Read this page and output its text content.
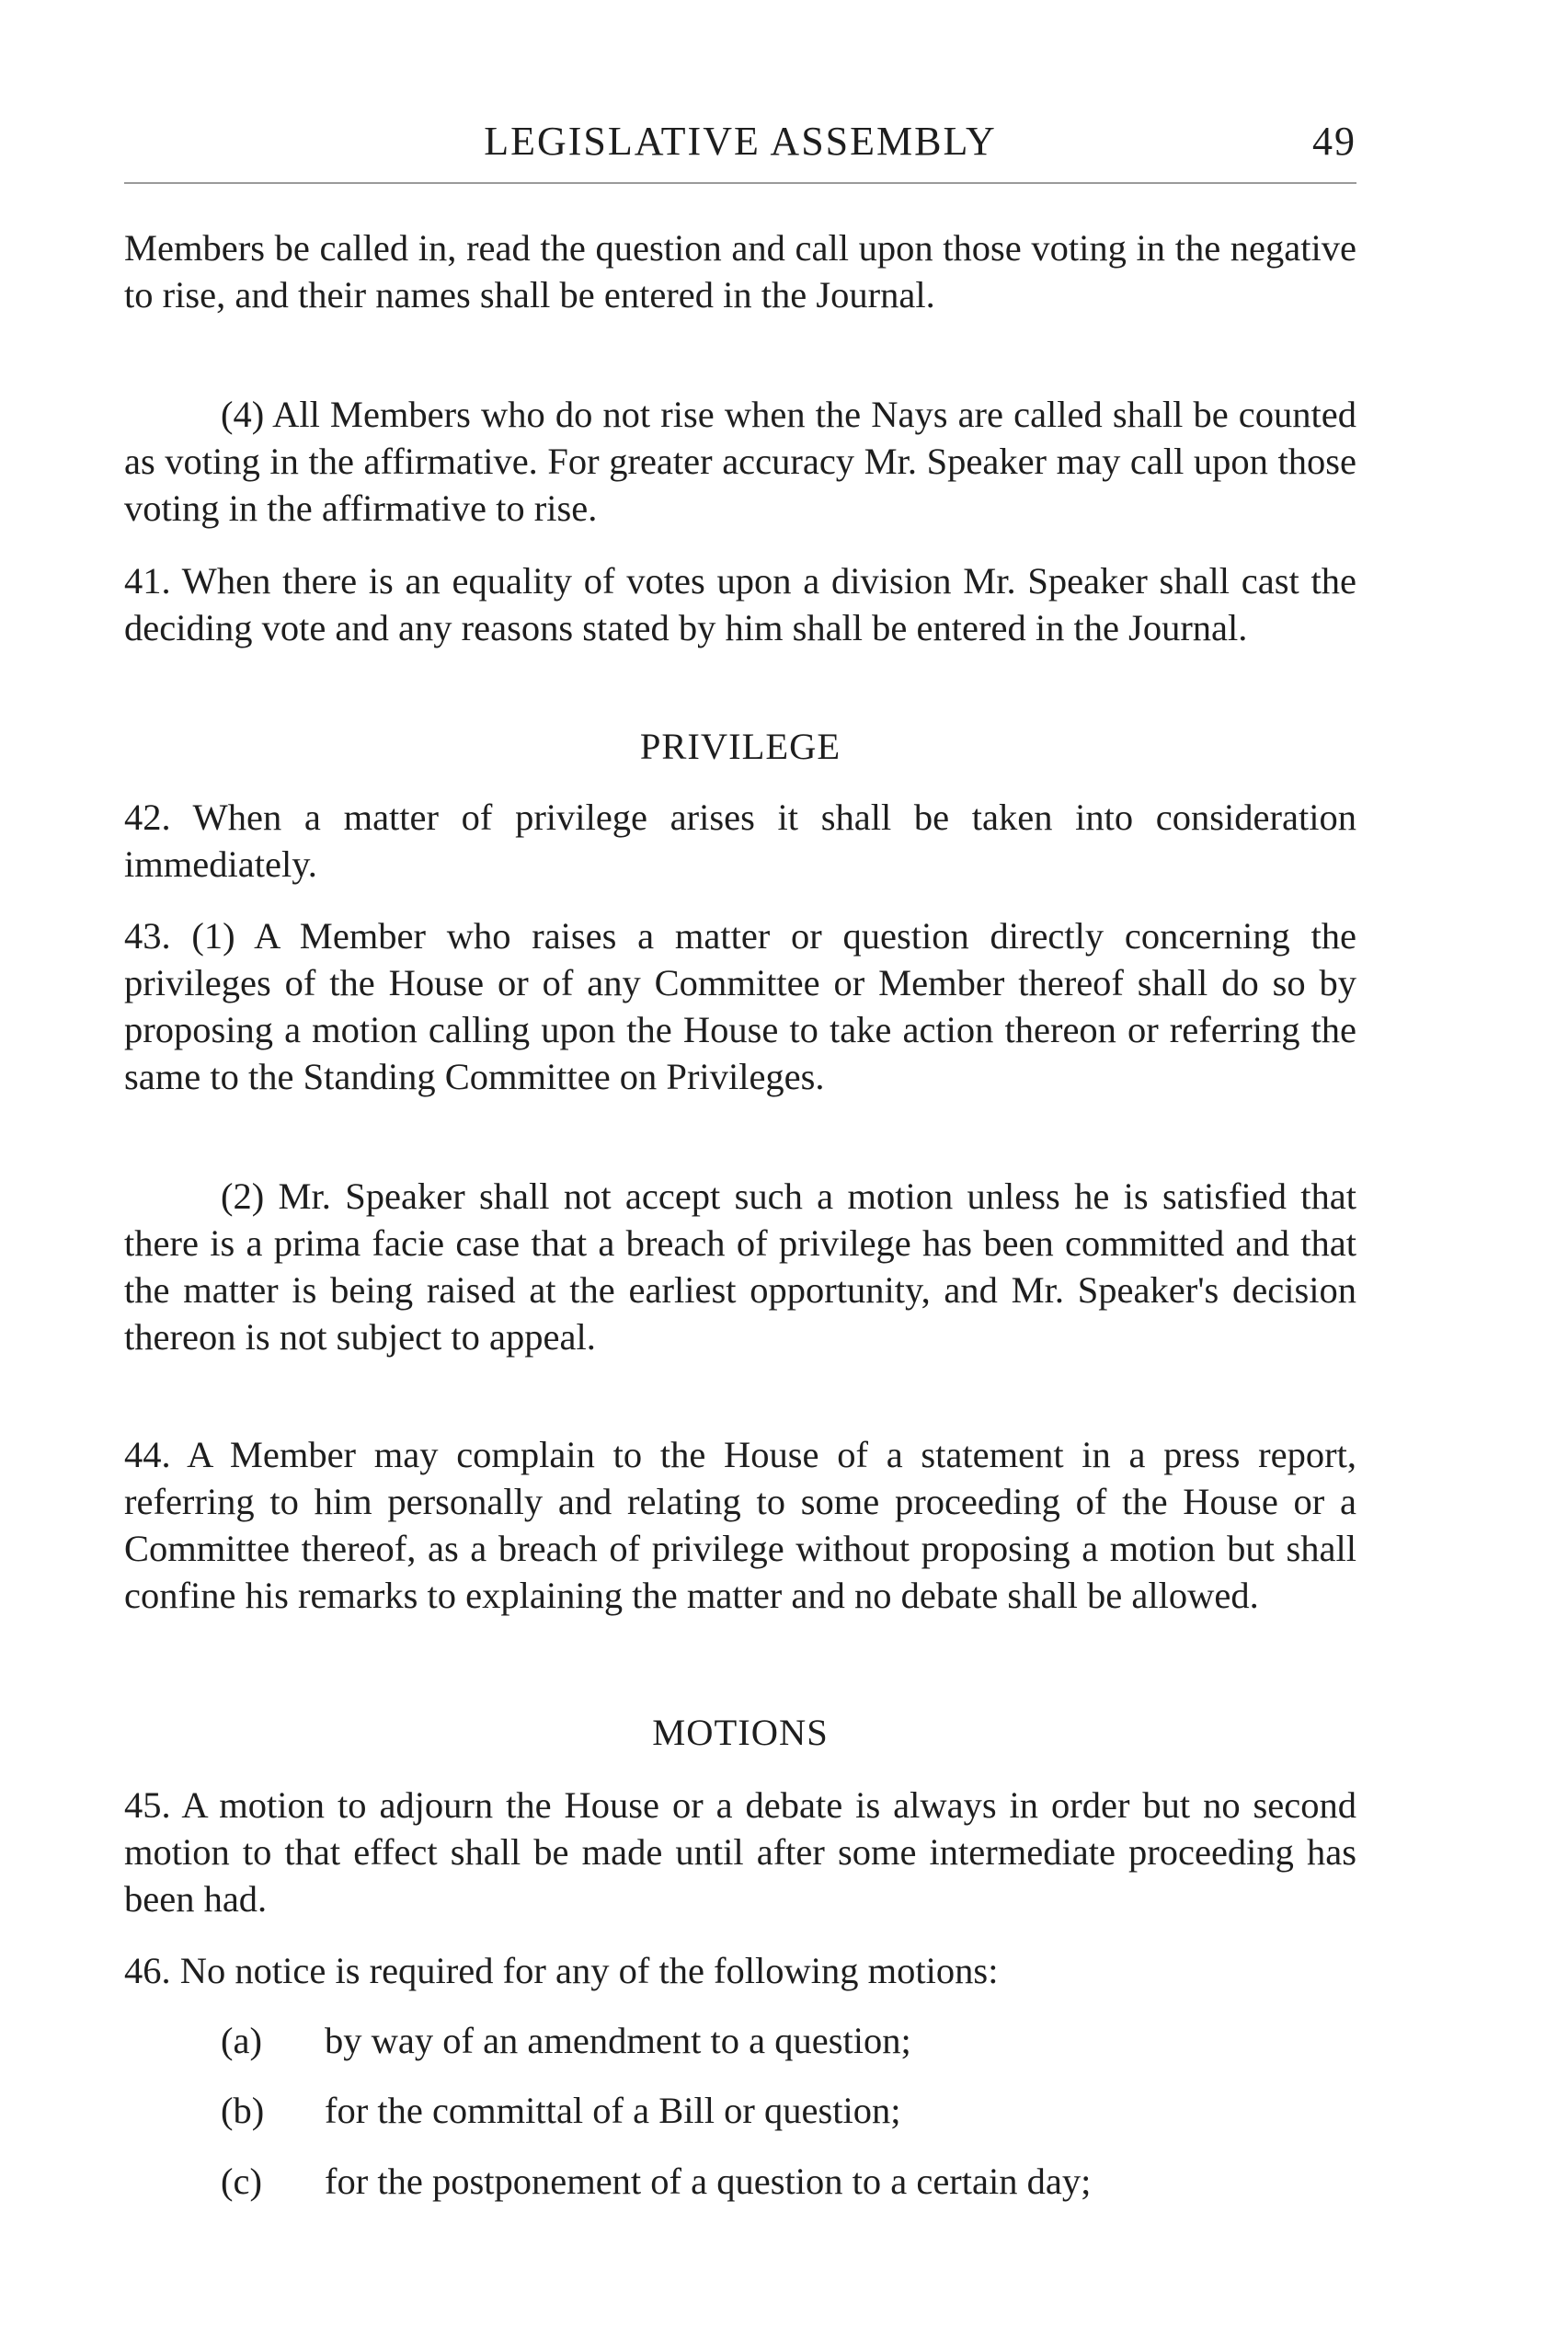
LEGISLATIVE ASSEMBLY	49

Members be called in, read the question and call upon those voting in the negative to rise, and their names shall be entered in the Journal.

(4) All Members who do not rise when the Nays are called shall be counted as voting in the affirmative. For greater accuracy Mr. Speaker may call upon those voting in the affirmative to rise.

41. When there is an equality of votes upon a division Mr. Speaker shall cast the deciding vote and any reasons stated by him shall be entered in the Journal.

PRIVILEGE

42. When a matter of privilege arises it shall be taken into consideration immediately.

43. (1) A Member who raises a matter or question directly concerning the privileges of the House or of any Committee or Member thereof shall do so by proposing a motion calling upon the House to take action thereon or referring the same to the Standing Committee on Privileges.

(2) Mr. Speaker shall not accept such a motion unless he is satisfied that there is a prima facie case that a breach of privilege has been committed and that the matter is being raised at the earliest opportunity, and Mr. Speaker's decision thereon is not subject to appeal.

44. A Member may complain to the House of a statement in a press report, referring to him personally and relating to some proceeding of the House or a Committee thereof, as a breach of privilege without proposing a motion but shall confine his remarks to explaining the matter and no debate shall be allowed.

MOTIONS

45. A motion to adjourn the House or a debate is always in order but no second motion to that effect shall be made until after some intermediate proceeding has been had.

46. No notice is required for any of the following motions:

(a) by way of an amendment to a question;
(b) for the committal of a Bill or question;
(c) for the postponement of a question to a certain day;
